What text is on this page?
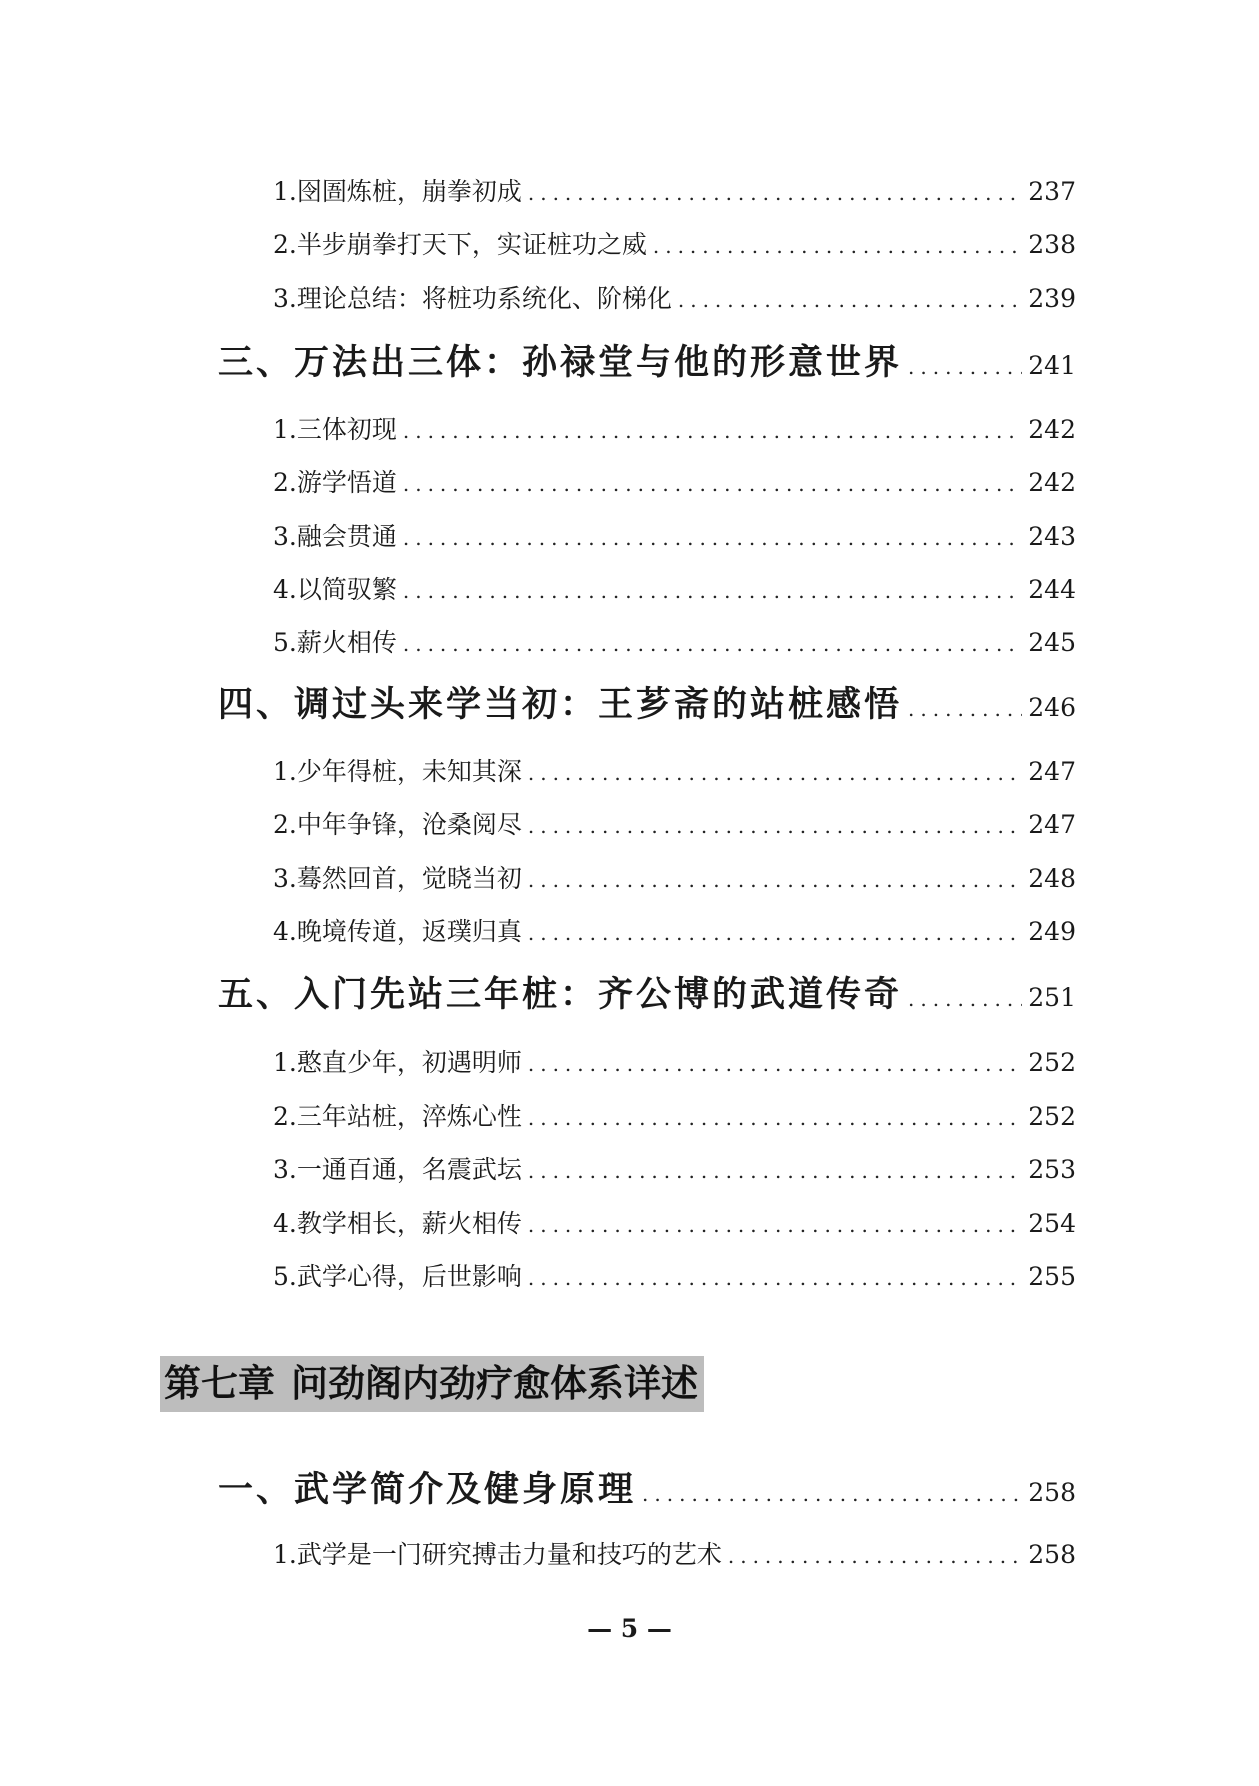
1.囹圄炼桩，崩拳初成 .....	237
2.半步崩拳打天下，实证桩功之威 .....	238
3.理论总结：将桩功系统化、阶梯化 .....	239
三、万法出三体：孙禄堂与他的形意世界 .....	241
1.三体初现 .....	242
2.游学悟道 .....	242
3.融会贯通 .....	243
4.以简驭繁 .....	244
5.薪火相传 .....	245
四、调过头来学当初：王芗斋的站桩感悟 .....	246
1.少年得桩，未知其深 .....	247
2.中年争锋，沧桑阅尽 .....	247
3.蓦然回首，觉晓当初 .....	248
4.晚境传道，返璞归真 .....	249
五、入门先站三年桩：齐公博的武道传奇 .....	251
1.憨直少年，初遇明师 .....	252
2.三年站桩，淬炼心性 .....	252
3.一通百通，名震武坛 .....	253
4.教学相长，薪火相传 .....	254
5.武学心得，后世影响 .....	255
第七章 问劲阁内劲疗愈体系详述
一、武学简介及健身原理 .....	258
1.武学是一门研究搏击力量和技巧的艺术 .....	258
— 5 —
